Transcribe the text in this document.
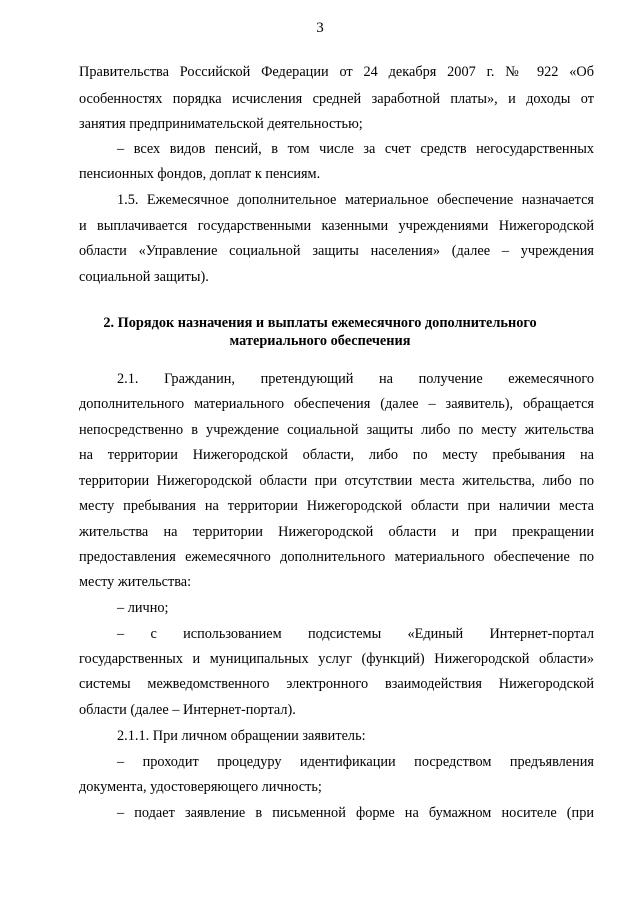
3
Правительства Российской Федерации от 24 декабря 2007 г. № 922 «Об
особенностях порядка исчисления средней заработной платы», и доходы от
занятия предпринимательской деятельностью;
– всех видов пенсий, в том числе за счет средств негосударственных
пенсионных фондов, доплат к пенсиям.
1.5. Ежемесячное дополнительное материальное обеспечение назначается
и выплачивается государственными казенными учреждениями Нижегородской
области «Управление социальной защиты населения» (далее – учреждения
социальной защиты).
2. Порядок назначения и выплаты ежемесячного дополнительного
материального обеспечения
2.1. Гражданин, претендующий на получение ежемесячного
дополнительного материального обеспечения (далее – заявитель), обращается
непосредственно в учреждение социальной защиты либо по месту жительства
на территории Нижегородской области, либо по месту пребывания на
территории Нижегородской области при отсутствии места жительства, либо по
месту пребывания на территории Нижегородской области при наличии места
жительства на территории Нижегородской области и при прекращении
предоставления ежемесячного дополнительного материального обеспечение по
месту жительства:
– лично;
– с использованием подсистемы «Единый Интернет-портал
государственных и муниципальных услуг (функций) Нижегородской области»
системы межведомственного электронного взаимодействия Нижегородской
области (далее – Интернет-портал).
2.1.1. При личном обращении заявитель:
– проходит процедуру идентификации посредством предъявления
документа, удостоверяющего личность;
– подает заявление в письменной форме на бумажном носителе (при
